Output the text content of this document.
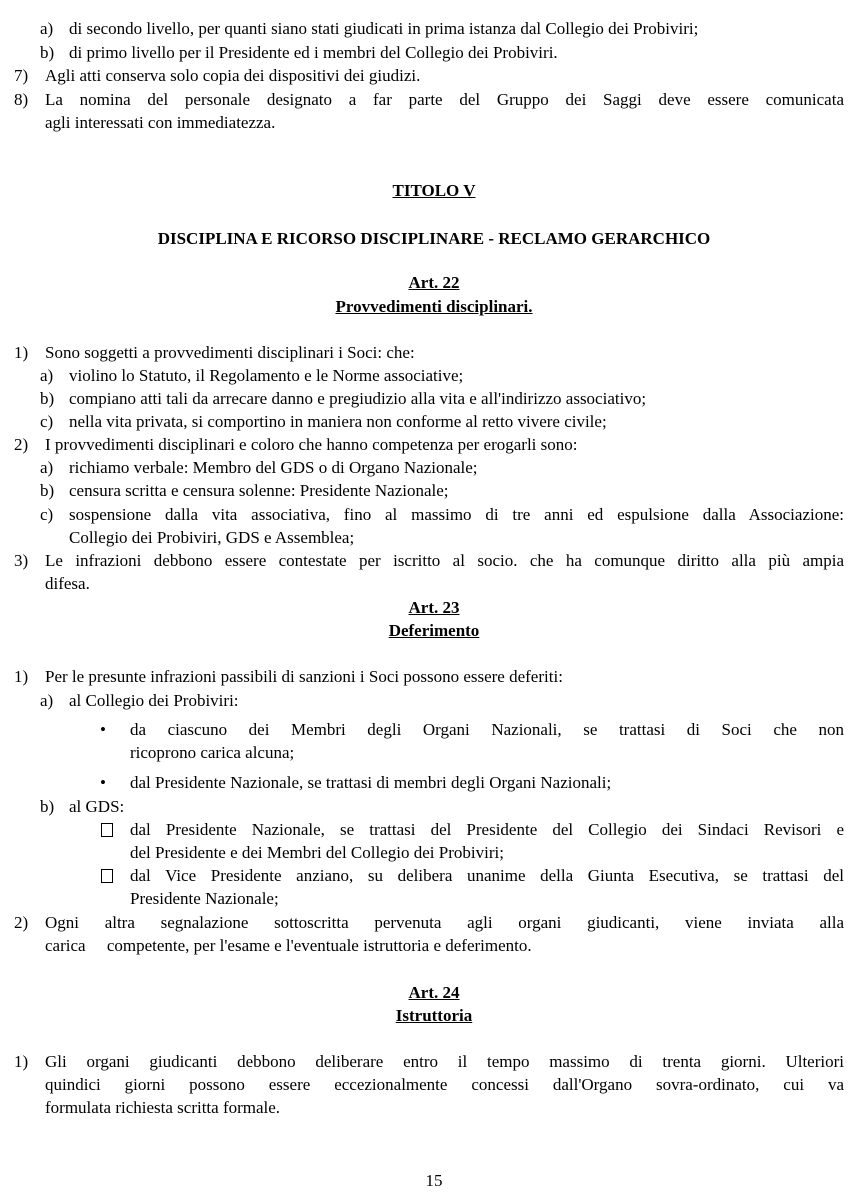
a) di secondo livello, per quanti siano stati giudicati in prima istanza dal Collegio dei Probiviri;
b) di primo livello per il Presidente ed i membri del Collegio dei Probiviri.
7) Agli atti conserva solo copia dei dispositivi dei giudizi.
8) La nomina del personale designato a far parte del Gruppo dei Saggi deve essere comunicata
agli interessati con immediatezza.
TITOLO V
DISCIPLINA E RICORSO DISCIPLINARE - RECLAMO GERARCHICO
Art. 22
Provvedimenti disciplinari.
1) Sono soggetti a provvedimenti disciplinari i Soci: che:
a) violino lo Statuto, il Regolamento e le Norme associative;
b) compiano atti tali da arrecare danno e pregiudizio alla vita e all'indirizzo associativo;
c) nella vita privata, si comportino in maniera non conforme al retto vivere civile;
2) I provvedimenti disciplinari e coloro che hanno competenza per erogarli sono:
a) richiamo verbale: Membro del GDS o di Organo Nazionale;
b) censura scritta e censura solenne: Presidente Nazionale;
c) sospensione dalla vita associativa, fino al massimo di tre anni ed espulsione dalla Associazione:
Collegio dei Probiviri, GDS e Assemblea;
3) Le infrazioni debbono essere contestate per iscritto al socio. che ha comunque diritto alla più ampia
difesa.
Art. 23
Deferimento
1) Per le presunte infrazioni passibili di sanzioni i Soci possono essere deferiti:
a) al Collegio dei Probiviri:
• da ciascuno dei Membri degli Organi Nazionali, se trattasi di Soci che non
ricoprono carica alcuna;
• dal Presidente Nazionale, se trattasi di membri degli Organi Nazionali;
b) al GDS:
dal Presidente Nazionale, se trattasi del Presidente del Collegio dei Sindaci Revisori e
del Presidente e dei Membri del Collegio dei Probiviri;
dal Vice Presidente anziano, su delibera unanime della Giunta Esecutiva, se trattasi del
Presidente Nazionale;
2) Ogni altra segnalazione sottoscritta pervenuta agli organi giudicanti, viene inviata alla
carica     competente, per l'esame e l'eventuale istruttoria e deferimento.
Art. 24
Istruttoria
1) Gli organi giudicanti debbono deliberare entro il tempo massimo di trenta giorni. Ulteriori
quindici giorni possono essere eccezionalmente concessi dall'Organo sovra-ordinato, cui va
formulata richiesta scritta formale.
15
